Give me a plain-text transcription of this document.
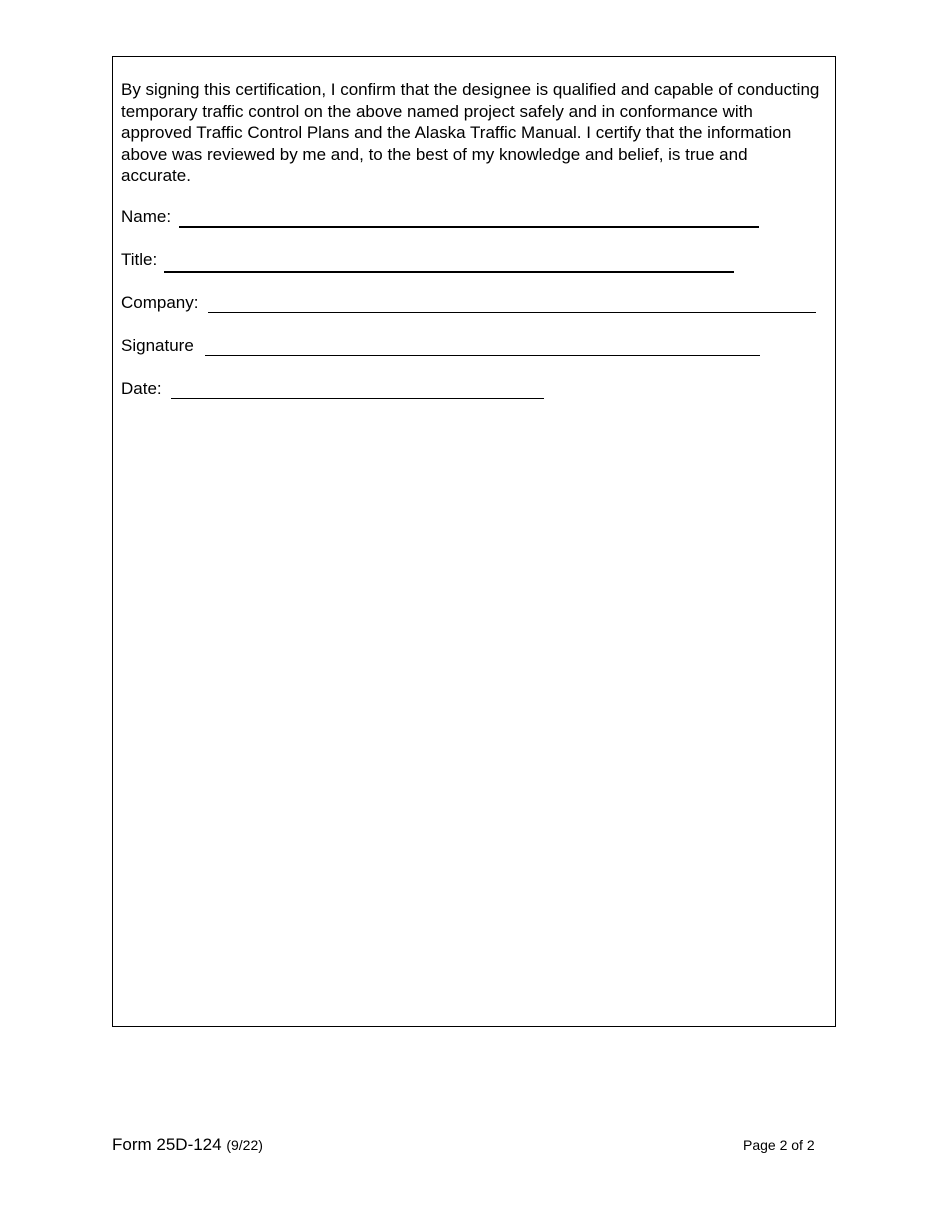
By signing this certification, I confirm that the designee is qualified and capable of conducting temporary traffic control on the above named project safely and in conformance with approved Traffic Control Plans and the Alaska Traffic Manual. I certify that the information above was reviewed by me and, to the best of my knowledge and belief, is true and accurate.

Name:
Title:
Company:
Signature
Date:
Form 25D-124 (9/22)	Page 2 of 2
